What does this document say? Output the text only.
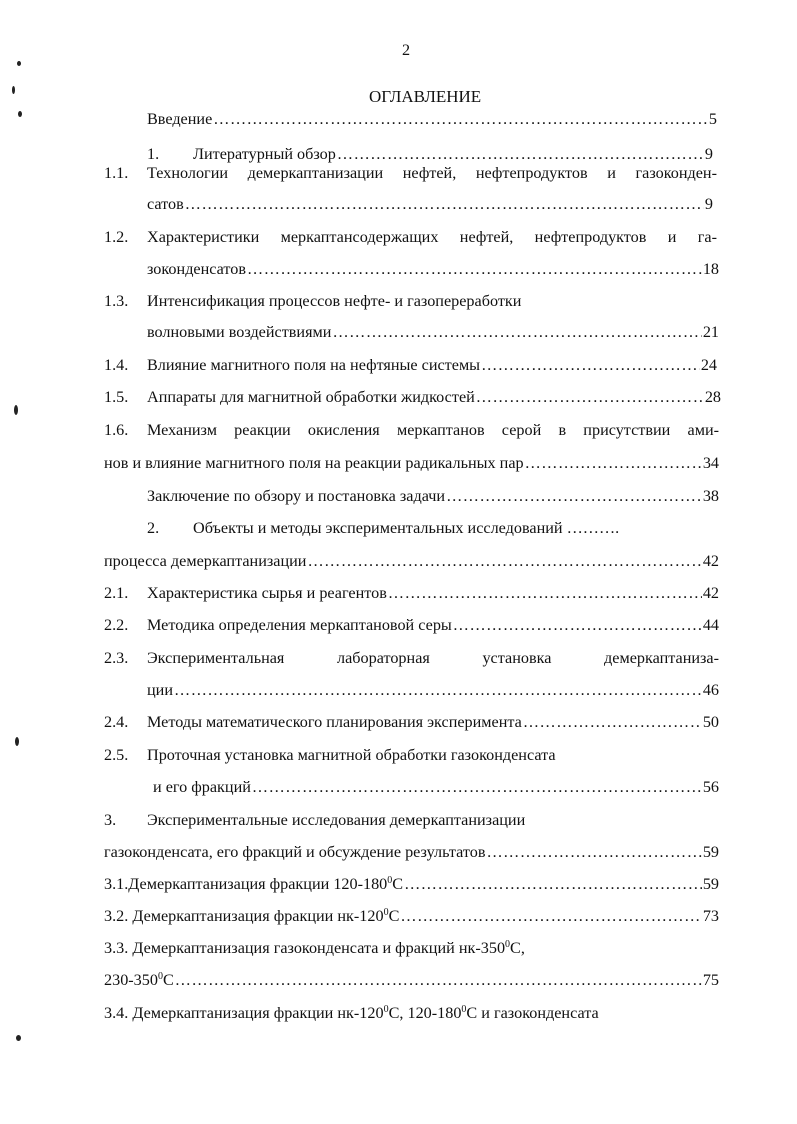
2
ОГЛАВЛЕНИЕ
Введение ……………………………………………………………………………………………………………………………………………………………………	5
1. Литературный обзор ……………………………………………………………………………………………………………………………………………………………………	9
1.1. Технологии демеркаптанизации нефтей, нефтепродуктов и газоконден-
сатов ……………………………………………………………………………………………………………………………………………………………………	9
1.2. Характеристики меркаптансодержащих нефтей, нефтепродуктов и га-
зоконденсатов ……………………………………………………………………………………………………………………………………………………………………	18
1.3. Интенсификация процессов нефте- и газопереработки
волновыми воздействиями ……………………………………………………………………………………………………………………………………………………………………	21
1.4. Влияние магнитного поля на нефтяные системы ……………………………………………………………………………………………………………………………………………………………………	24
1.5. Аппараты для магнитной обработки жидкостей ……………………………………………………………………………………………………………………………………………………………………	28
1.6. Механизм реакции окисления меркаптанов серой в присутствии ами-
нов и влияние магнитного поля на реакции радикальных пар ……………………………………………………………………………………………………………………………………………………………………	34
Заключение по обзору и постановка задачи ……………………………………………………………………………………………………………………………………………………………………	38
2. Объекты и методы экспериментальных исследований ……….
процесса демеркаптанизации ……………………………………………………………………………………………………………………………………………………………………	42
2.1. Характеристика сырья и реагентов ……………………………………………………………………………………………………………………………………………………………………	42
2.2. Методика определения меркаптановой серы ……………………………………………………………………………………………………………………………………………………………………	44
2.3. Экспериментальная лабораторная установка демеркаптаниза-
ции ……………………………………………………………………………………………………………………………………………………………………	46
2.4. Методы математического планирования эксперимента ……………………………………………………………………………………………………………………………………………………………………	50
2.5. Проточная установка магнитной обработки газоконденсата
и его фракций ……………………………………………………………………………………………………………………………………………………………………	56
3. Экспериментальные исследования демеркаптанизации
газоконденсата, его фракций и обсуждение результатов ……………………………………………………………………………………………………………………………………………………………………	59
3.1.Демеркаптанизация фракции $120-180^0С$ ……………………………………………………………………………………………………………………………………………………………………	59
3.2. Демеркаптанизация фракции $нк-120^0С$ ……………………………………………………………………………………………………………………………………………………………………	73
3.3. Демеркаптанизация газоконденсата и фракций $нк-350^0С$,
$230-350^0С$ ……………………………………………………………………………………………………………………………………………………………………	75
3.4. Демеркаптанизация фракции $нк-120^0С$, $120-180^0С$ и газоконденсата
